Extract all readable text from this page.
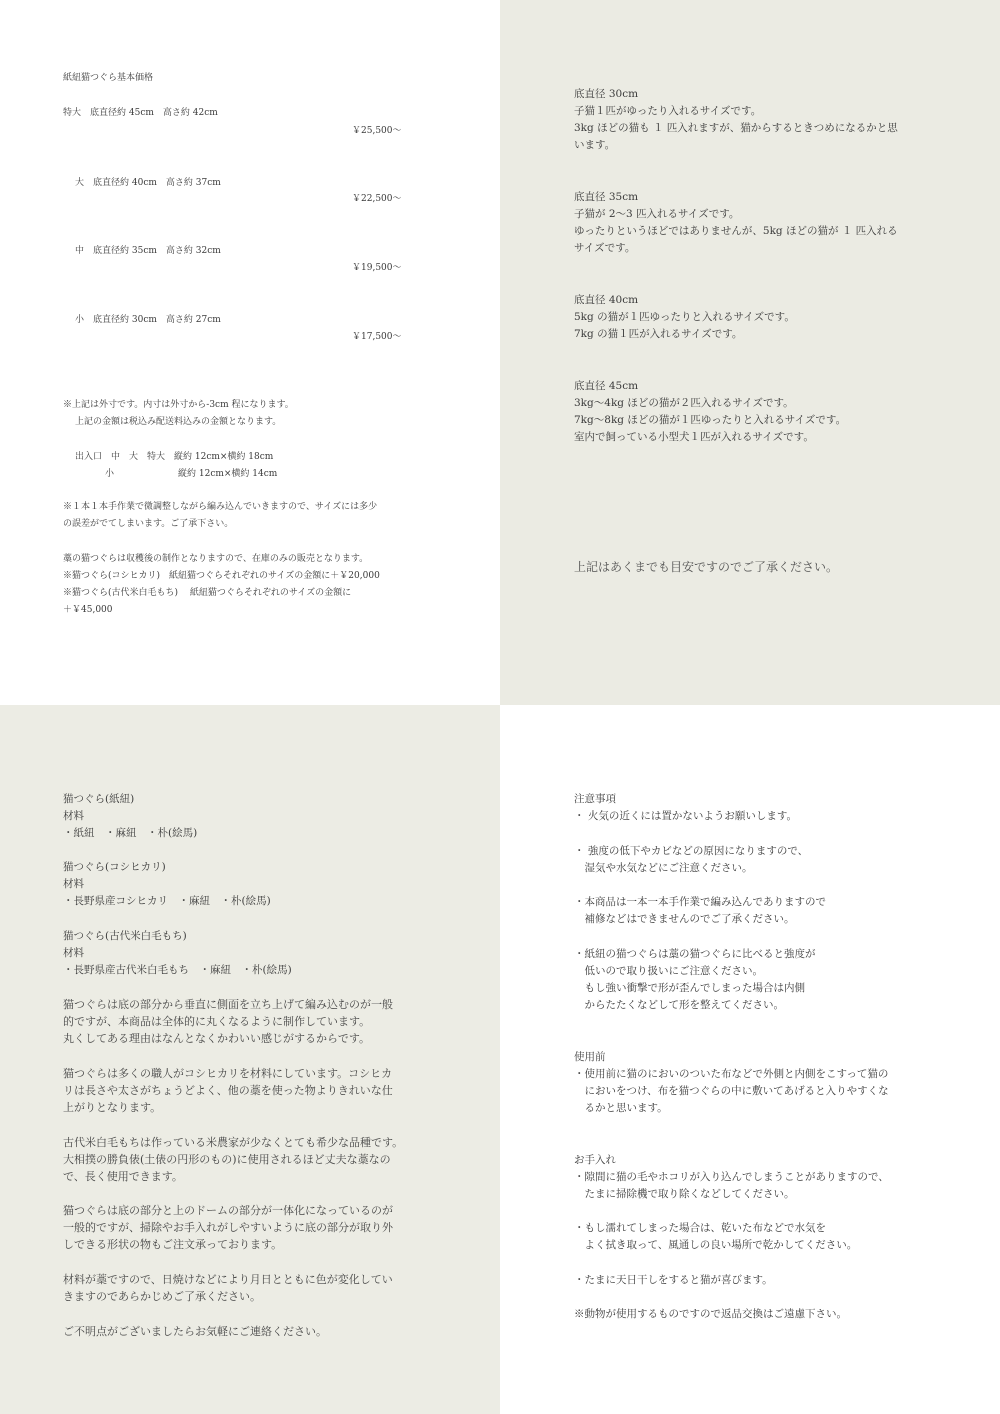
紙紐猫つぐら基本価格
特大　底直径約 45cm　高さ約 42cm
￥25,500～
大　底直径約 40cm　高さ約 37cm
￥22,500～
中　底直径約 35cm　高さ約 32cm
￥19,500～
小　底直径約 30cm　高さ約 27cm
￥17,500～
※上記は外寸です。内寸は外寸から-3cm 程になります。
上記の金額は税込み配送料込みの金額となります。
出入口　中　大　特大　縦約 12cm×横約 18cm
小	縦約 12cm×横約 14cm
※１本１本手作業で微調整しながら編み込んでいきますので、サイズには多少
の誤差がでてしまいます。ご了承下さい。
藁の猫つぐらは収穫後の制作となりますので、在庫のみの販売となります。
※猫つぐら(コシヒカリ)　紙紐猫つぐらそれぞれのサイズの金額に＋￥20,000
※猫つぐら(古代米白毛もち)　 紙紐猫つぐらそれぞれのサイズの金額に
＋￥45,000
底直径 30cm
子猫１匹がゆったり入れるサイズです。
3kg ほどの猫も １ 匹入れますが、猫からするときつめになるかと思
います。
底直径 35cm
子猫が 2～3 匹入れるサイズです。
ゆったりというほどではありませんが、5kg ほどの猫が １ 匹入れる
サイズです。
底直径 40cm
5kg の猫が１匹ゆったりと入れるサイズです。
7kg の猫１匹が入れるサイズです。
底直径 45cm
3kg～4kg ほどの猫が２匹入れるサイズです。
7kg～8kg ほどの猫が１匹ゆったりと入れるサイズです。
室内で飼っている小型犬１匹が入れるサイズです。
上記はあくまでも目安ですのでご了承ください。
猫つぐら(紙紐)
材料
・紙紐　・麻紐　・朴(絵馬)
猫つぐら(コシヒカリ)
材料
・長野県産コシヒカリ　・麻紐　・朴(絵馬)
猫つぐら(古代米白毛もち)
材料
・長野県産古代米白毛もち　・麻紐　・朴(絵馬)
猫つぐらは底の部分から垂直に側面を立ち上げて編み込むのが一般
的ですが、本商品は全体的に丸くなるように制作しています。
丸くしてある理由はなんとなくかわいい感じがするからです。
猫つぐらは多くの職人がコシヒカリを材料にしています。コシヒカ
リは長さや太さがちょうどよく、他の藁を使った物よりきれいな仕
上がりとなります。
古代米白毛もちは作っている米農家が少なくとても希少な品種です。
大相撲の勝負俵(土俵の円形のもの)に使用されるほど丈夫な藁なの
で、長く使用できます。
猫つぐらは底の部分と上のドームの部分が一体化になっているのが
一般的ですが、掃除やお手入れがしやすいように底の部分が取り外
しできる形状の物もご注文承っております。
材料が藁ですので、日焼けなどにより月日とともに色が変化してい
きますのであらかじめご了承ください。
ご不明点がございましたらお気軽にご連絡ください。
注意事項
・ 火気の近くには置かないようお願いします。
・ 強度の低下やカビなどの原因になりますので、
　湿気や水気などにご注意ください。
・本商品は一本一本手作業で編み込んでありますので
　補修などはできませんのでご了承ください。
・紙紐の猫つぐらは藁の猫つぐらに比べると強度が
　低いので取り扱いにご注意ください。
　もし強い衝撃で形が歪んでしまった場合は内側
　からたたくなどして形を整えてください。
使用前
・使用前に猫のにおいのついた布などで外側と内側をこすって猫の
　においをつけ、布を猫つぐらの中に敷いてあげると入りやすくな
　るかと思います。
お手入れ
・隙間に猫の毛やホコリが入り込んでしまうことがありますので、
　たまに掃除機で取り除くなどしてください。
・もし濡れてしまった場合は、乾いた布などで水気を
　よく拭き取って、風通しの良い場所で乾かしてください。
・たまに天日干しをすると猫が喜びます。
※動物が使用するものですので返品交換はご遠慮下さい。
